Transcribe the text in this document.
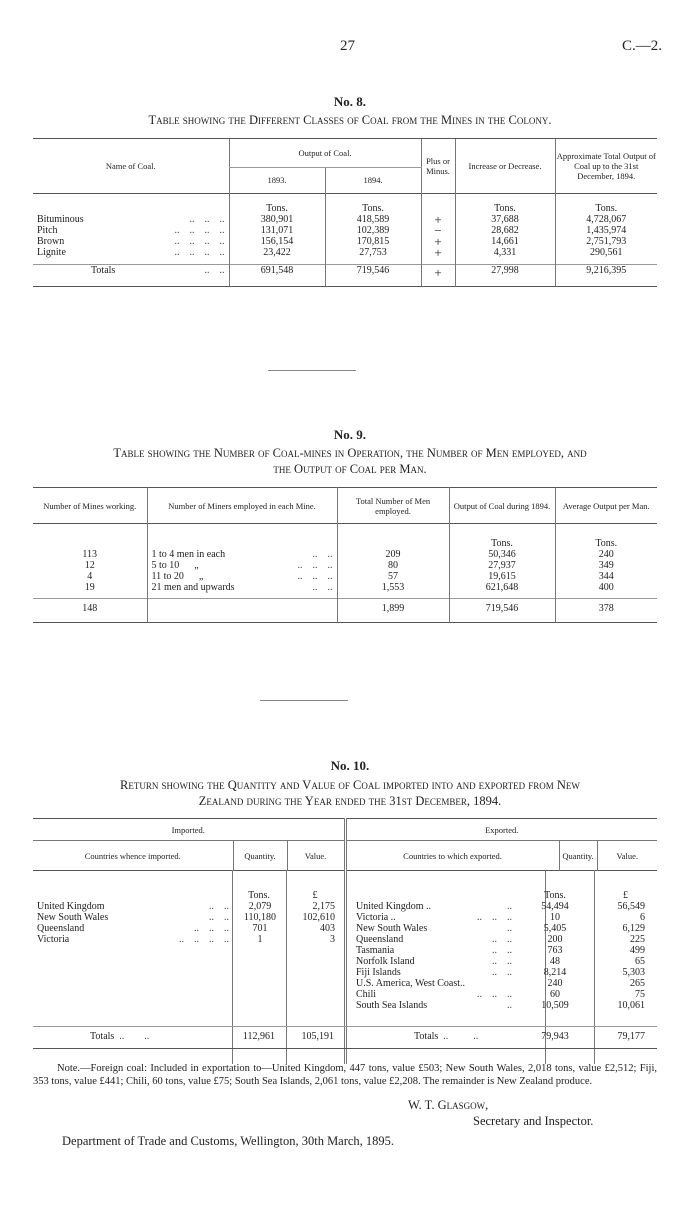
27	C.—2.
No. 8.
Table showing the Different Classes of Coal from the Mines in the Colony.
Name of Coal.	Output of Coal.		Plus or Minus.	Increase or Decrease.	Approximate Total Output of Coal up to the 31st December, 1894.
	1893.	1894.			

	Tons.	Tons.		Tons.	Tons.
Bituminous ..    ..    ..	380,901	418,589	+	37,688	4,728,067
Pitch ..    ..    ..    ..	131,071	102,389	−	28,682	1,435,974
Brown ..    ..    ..    ..	156,154	170,815	+	14,661	2,751,793
Lignite ..    ..    ..    ..	23,422	27,753	+	4,331	290,561

Totals ..    ..	691,548	719,546	+	27,998	9,216,395
No. 9.
Table showing the Number of Coal-mines in Operation, the Number of Men employed, and
the Output of Coal per Man.
Number of Mines working.	Number of Miners employed in each Mine.	Total Number of Men employed.	Output of Coal during 1894.	Average Output per Man.

			Tons.	Tons.
113	1 to 4 men in each ..    ..	209	50,346	240
12	5 to 10      „ ..    ..    ..	80	27,937	349
4	11 to 20      „ ..    ..    ..	57	19,615	344
19	21 men and upwards ..    ..	1,553	621,648	400

148		1,899	719,546	378
No. 10.
Return showing the Quantity and Value of Coal imported into and exported from New
Zealand during the Year ended the 31st December, 1894.
Imported.			Exported.		
Countries whence imported.	Quantity.	Value.	Countries to which exported.	Quantity.	Value.
Tons.	£
United Kingdom ..    ..	2,079	2,175
New South Wales ..    ..	110,180	102,610
Queensland ..    ..    ..	701	403
Victoria ..    ..    ..    ..	1	3
Tons.	£
United Kingdom .. ..	54,494	56,549
Victoria .. ..    ..    ..	10	6
New South Wales ..	5,405	6,129
Queensland ..    ..	200	225
Tasmania ..    ..	763	499
Norfolk Island ..    ..	48	65
Fiji Islands ..    ..	8,214	5,303
U.S. America, West Coast..	240	265
Chili ..    ..    ..	60	75
South Sea Islands ..	10,509	10,061
Totals  ..        ..	112,961	105,191	Totals  ..          ..	79,943	79,177
Note.—Foreign coal: Included in exportation to—United Kingdom, 447 tons, value £503; New South Wales, 2,018 tons, value £2,512; Fiji, 353 tons, value £441; Chili, 60 tons, value £75; South Sea Islands, 2,061 tons, value £2,208. The remainder is New Zealand produce.
W. T. Glasgow,
Secretary and Inspector.
Department of Trade and Customs, Wellington, 30th March, 1895.
